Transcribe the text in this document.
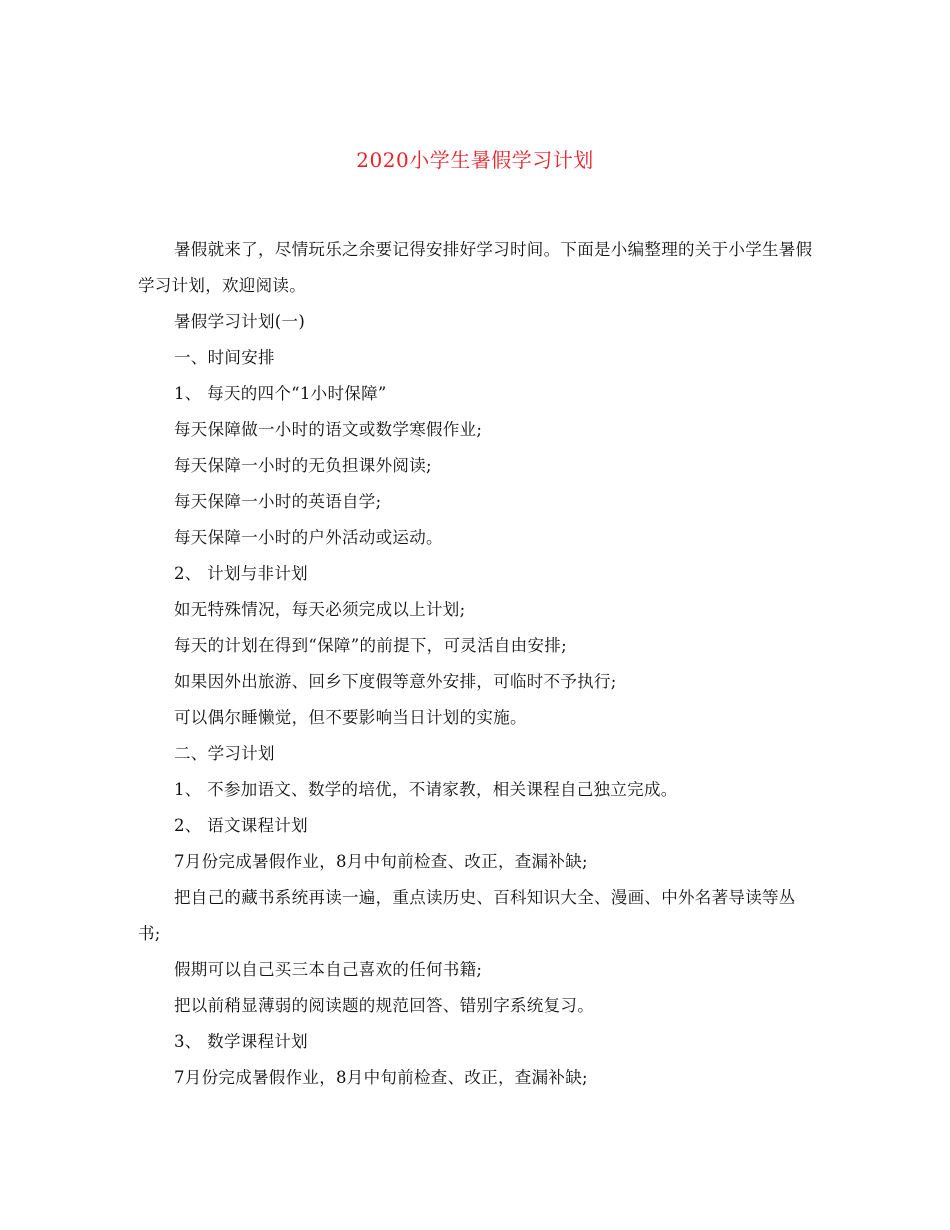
2020小学生暑假学习计划

暑假就来了，尽情玩乐之余要记得安排好学习时间。下面是小编整理的关于小学生暑假学习计划，欢迎阅读。

暑假学习计划(一)

一、时间安排

1、 每天的四个“1小时保障”

每天保障做一小时的语文或数学寒假作业;

每天保障一小时的无负担课外阅读;

每天保障一小时的英语自学;

每天保障一小时的户外活动或运动。

2、 计划与非计划

如无特殊情况，每天必须完成以上计划;

每天的计划在得到“保障”的前提下，可灵活自由安排;

如果因外出旅游、回乡下度假等意外安排，可临时不予执行;

可以偶尔睡懒觉，但不要影响当日计划的实施。

二、学习计划

1、 不参加语文、数学的培优，不请家教，相关课程自己独立完成。

2、 语文课程计划

7月份完成暑假作业，8月中旬前检查、改正，查漏补缺;

把自己的藏书系统再读一遍，重点读历史、百科知识大全、漫画、中外名著导读等丛书;

假期可以自己买三本自己喜欢的任何书籍;

把以前稍显薄弱的阅读题的规范回答、错别字系统复习。

3、 数学课程计划

7月份完成暑假作业，8月中旬前检查、改正，查漏补缺;
